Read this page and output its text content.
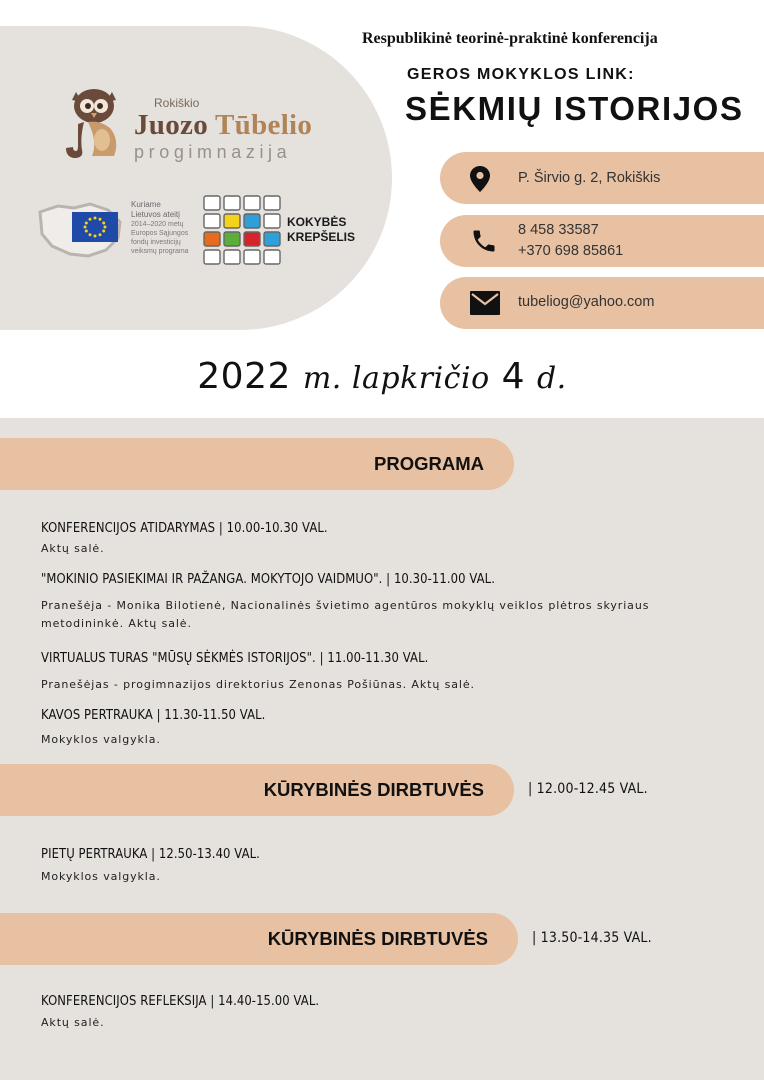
Rokiškio
Juozo Tūbelio
progimnazija
Kuriame
Lietuvos ateitį
2014–2020 metų
Europos Sąjungos
fondų investicijų
veiksmų programa
KOKYBĖS
KREPŠELIS
Respublikinė teorinė-praktinė konferencija
GEROS MOKYKLOS LINK:
SĖKMIŲ ISTORIJOS
P. Širvio g. 2, Rokiškis
8 458 33587
+370 698 85861
tubeliog@yahoo.com
2022 m. lapkričio 4 d.
PROGRAMA
KONFERENCIJOS ATIDARYMAS | 10.00-10.30 VAL.
Aktų salė.
"MOKINIO PASIEKIMAI IR PAŽANGA. MOKYTOJO VAIDMUO". | 10.30-11.00 VAL.
Pranešėja - Monika Bilotienė, Nacionalinės švietimo agentūros mokyklų veiklos plėtros skyriaus metodininkė. Aktų salė.
VIRTUALUS TURAS "MŪSŲ SĖKMĖS ISTORIJOS". | 11.00-11.30 VAL.
Pranešėjas - progimnazijos direktorius Zenonas Pošiūnas. Aktų salė.
KAVOS PERTRAUKA | 11.30-11.50 VAL.
Mokyklos valgykla.
KŪRYBINĖS DIRBTUVĖS	| 12.00-12.45 VAL.
PIETŲ PERTRAUKA | 12.50-13.40 VAL.
Mokyklos valgykla.
KŪRYBINĖS DIRBTUVĖS	| 13.50-14.35 VAL.
KONFERENCIJOS REFLEKSIJA | 14.40-15.00 VAL.
Aktų salė.
